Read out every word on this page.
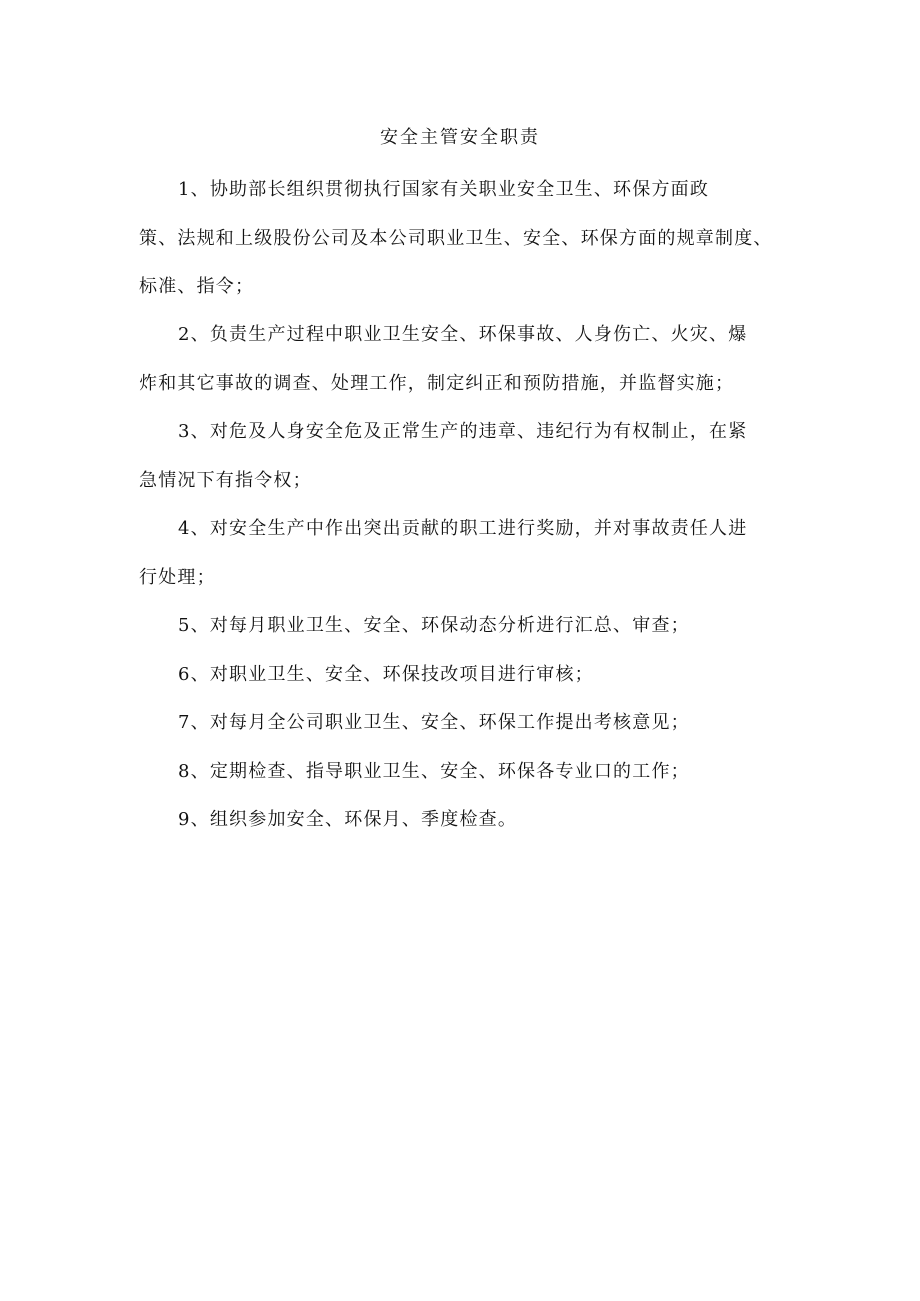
安全主管安全职责
1、协助部长组织贯彻执行国家有关职业安全卫生、环保方面政
策、法规和上级股份公司及本公司职业卫生、安全、环保方面的规章制度、
标准、指令；
2、负责生产过程中职业卫生安全、环保事故、人身伤亡、火灾、爆
炸和其它事故的调查、处理工作，制定纠正和预防措施，并监督实施；
3、对危及人身安全危及正常生产的违章、违纪行为有权制止，在紧
急情况下有指令权；
4、对安全生产中作出突出贡献的职工进行奖励，并对事故责任人进
行处理；
5、对每月职业卫生、安全、环保动态分析进行汇总、审查；
6、对职业卫生、安全、环保技改项目进行审核；
7、对每月全公司职业卫生、安全、环保工作提出考核意见；
8、定期检查、指导职业卫生、安全、环保各专业口的工作；
9、组织参加安全、环保月、季度检查。
